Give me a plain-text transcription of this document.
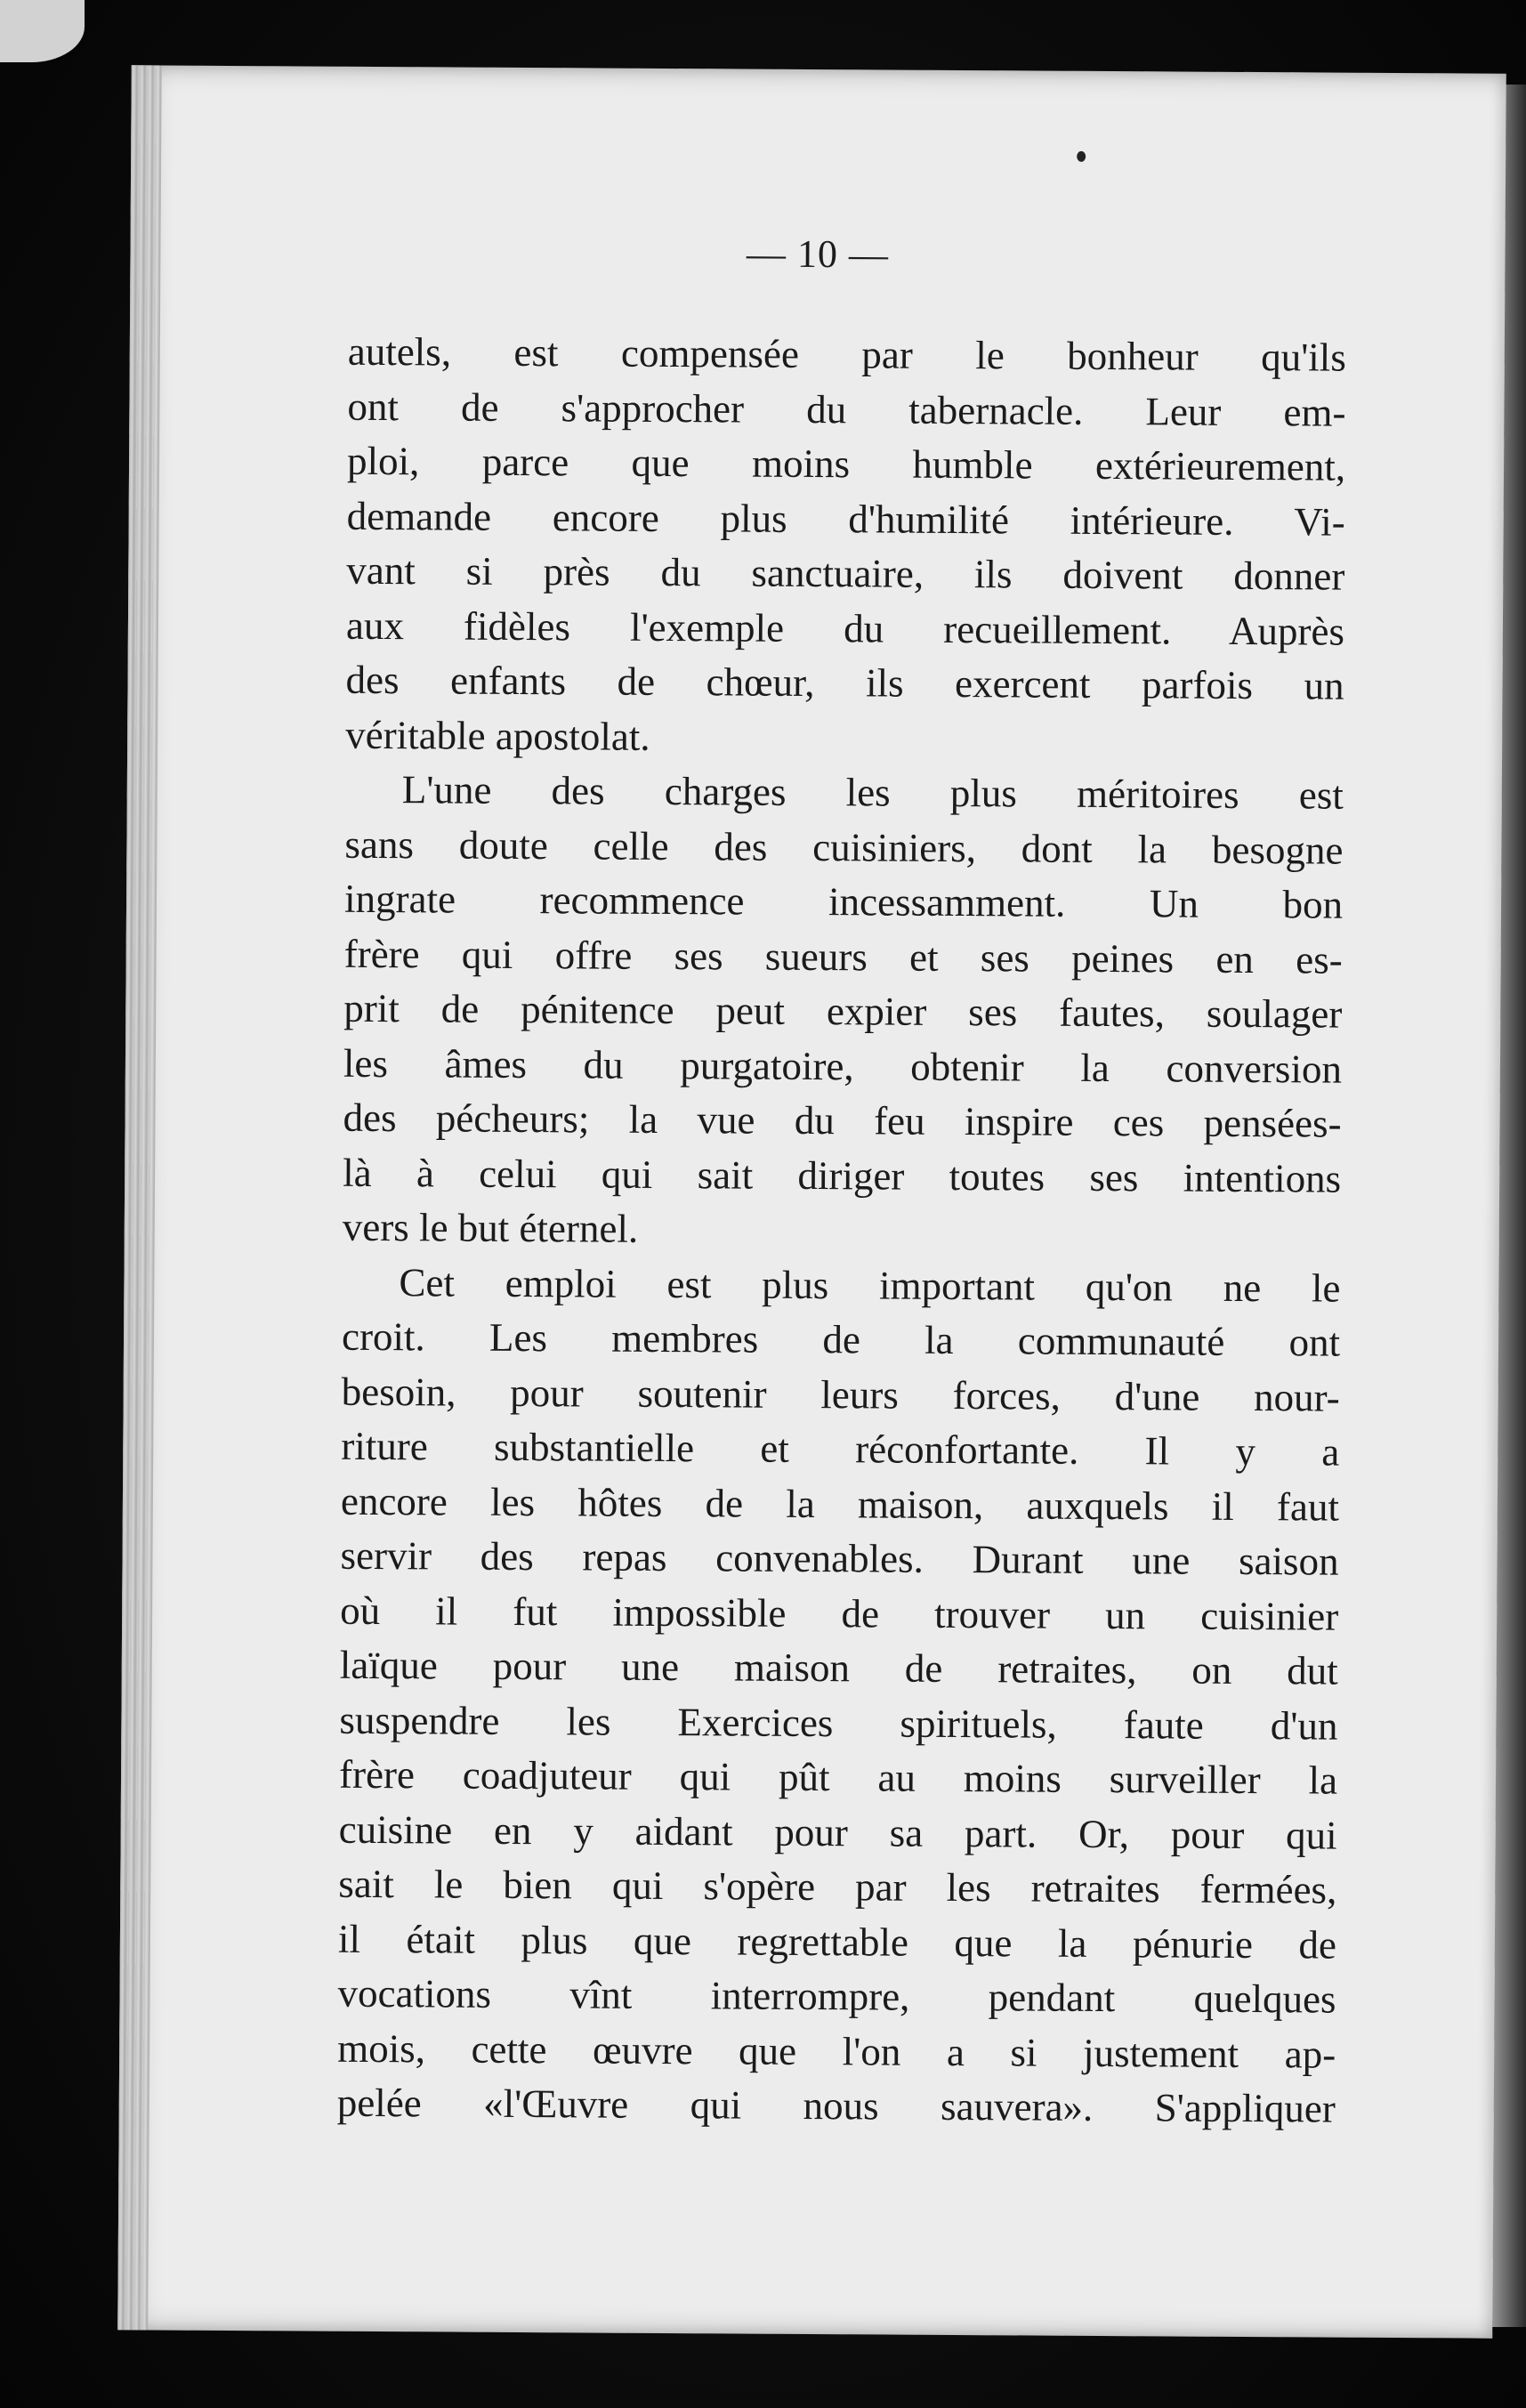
— 10 —
autels, est compensée par le bonheur qu'ils
ont de s'approcher du tabernacle. Leur em-
ploi, parce que moins humble extérieurement,
demande encore plus d'humilité intérieure. Vi-
vant si près du sanctuaire, ils doivent donner
aux fidèles l'exemple du recueillement. Auprès
des enfants de chœur, ils exercent parfois un
véritable apostolat.
L'une des charges les plus méritoires est
sans doute celle des cuisiniers, dont la besogne
ingrate recommence incessamment. Un bon
frère qui offre ses sueurs et ses peines en es-
prit de pénitence peut expier ses fautes, soulager
les âmes du purgatoire, obtenir la conversion
des pécheurs; la vue du feu inspire ces pensées-
là à celui qui sait diriger toutes ses intentions
vers le but éternel.
Cet emploi est plus important qu'on ne le
croit. Les membres de la communauté ont
besoin, pour soutenir leurs forces, d'une nour-
riture substantielle et réconfortante. Il y a
encore les hôtes de la maison, auxquels il faut
servir des repas convenables. Durant une saison
où il fut impossible de trouver un cuisinier
laïque pour une maison de retraites, on dut
suspendre les Exercices spirituels, faute d'un
frère coadjuteur qui pût au moins surveiller la
cuisine en y aidant pour sa part. Or, pour qui
sait le bien qui s'opère par les retraites fermées,
il était plus que regrettable que la pénurie de
vocations vînt interrompre, pendant quelques
mois, cette œuvre que l'on a si justement ap-
pelée «l'Œuvre qui nous sauvera». S'appliquer
